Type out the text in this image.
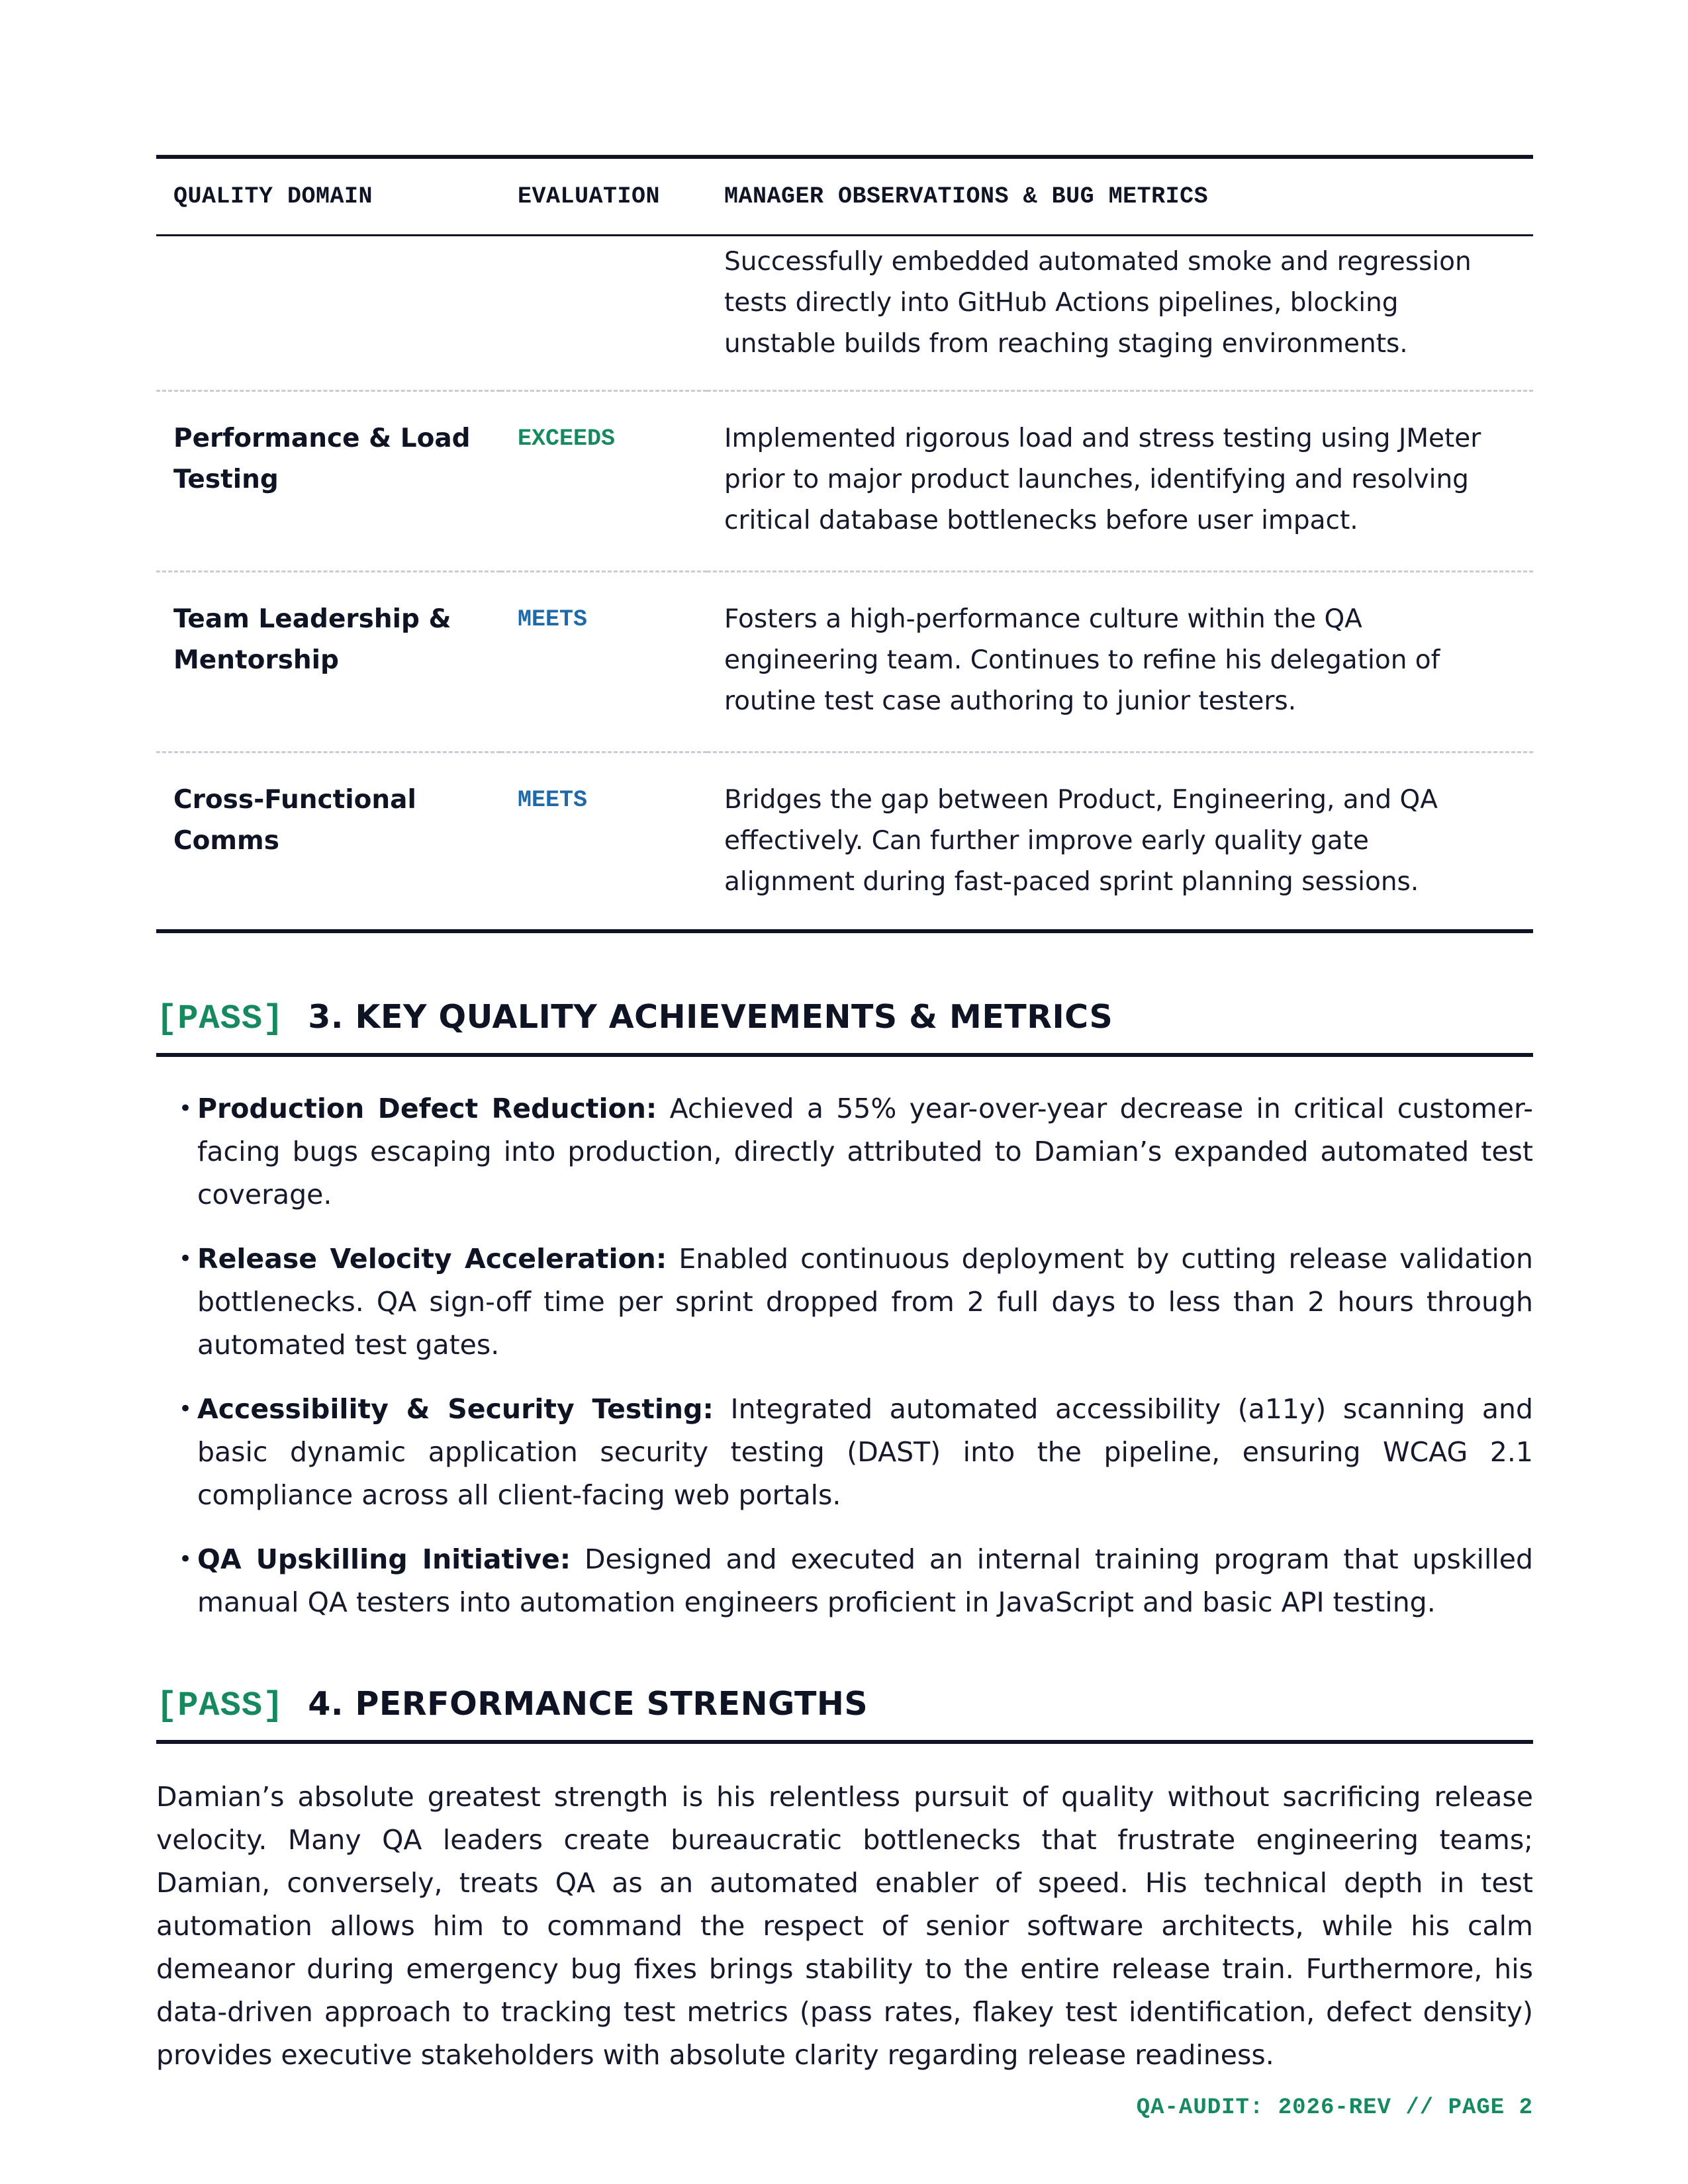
QUALITY DOMAIN	EVALUATION	MANAGER OBSERVATIONS & BUG METRICS
		Successfully embedded automated smoke and regression tests directly into GitHub Actions pipelines, blocking unstable builds from reaching staging environments.
Performance & Load Testing	EXCEEDS	Implemented rigorous load and stress testing using JMeter prior to major product launches, identifying and resolving critical database bottlenecks before user impact.
Team Leadership & Mentorship	MEETS	Fosters a high-performance culture within the QA engineering team. Continues to refine his delegation of routine test case authoring to junior testers.
Cross-Functional Comms	MEETS	Bridges the gap between Product, Engineering, and QA effectively. Can further improve early quality gate alignment during fast-paced sprint planning sessions.
[PASS] 3. KEY QUALITY ACHIEVEMENTS & METRICS
• Production Defect Reduction: Achieved a 55% year-over-year decrease in critical customer-facing bugs escaping into production, directly attributed to Damian’s expanded automated test coverage.
• Release Velocity Acceleration: Enabled continuous deployment by cutting release validation bottlenecks. QA sign-off time per sprint dropped from 2 full days to less than 2 hours through automated test gates.
• Accessibility & Security Testing: Integrated automated accessibility (a11y) scanning and basic dynamic application security testing (DAST) into the pipeline, ensuring WCAG 2.1 compliance across all client-facing web portals.
• QA Upskilling Initiative: Designed and executed an internal training program that upskilled manual QA testers into automation engineers proficient in JavaScript and basic API testing.
[PASS] 4. PERFORMANCE STRENGTHS

Damian’s absolute greatest strength is his relentless pursuit of quality without sacrificing release velocity. Many QA leaders create bureaucratic bottlenecks that frustrate engineering teams; Damian, conversely, treats QA as an automated enabler of speed. His technical depth in test automation allows him to command the respect of senior software architects, while his calm demeanor during emergency bug fixes brings stability to the entire release train. Furthermore, his data-driven approach to tracking test metrics (pass rates, flakey test identification, defect density) provides executive stakeholders with absolute clarity regarding release readiness.

QA-AUDIT: 2026-REV // PAGE 2
